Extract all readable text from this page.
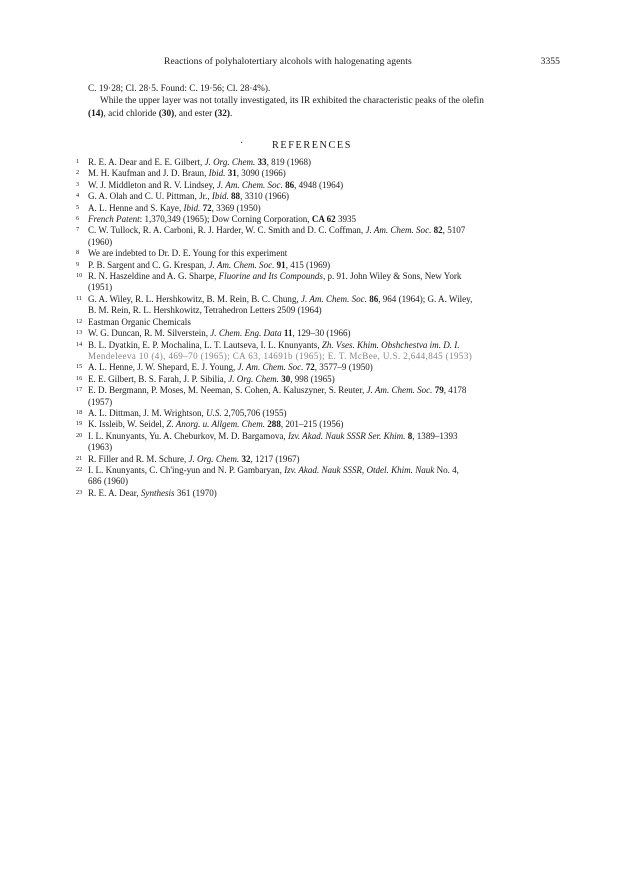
Reactions of polyhalotertiary alcohols with halogenating agents	3355

C. 19·28; Cl. 28·5. Found: C. 19·56; Cl. 28·4%).

While the upper layer was not totally investigated, its IR exhibited the characteristic peaks of the olefin

(14), acid chloride (30), and ester (32).

·	REFERENCES
1 R. E. A. Dear and E. E. Gilbert, J. Org. Chem. 33, 819 (1968)
2 M. H. Kaufman and J. D. Braun, Ibid. 31, 3090 (1966)
3 W. J. Middleton and R. V. Lindsey, J. Am. Chem. Soc. 86, 4948 (1964)
4 G. A. Olah and C. U. Pittman, Jr., Ibid. 88, 3310 (1966)
5 A. L. Henne and S. Kaye, Ibid. 72, 3369 (1950)
6 French Patent: 1,370,349 (1965); Dow Corning Corporation, CA 62 3935
7 C. W. Tullock, R. A. Carboni, R. J. Harder, W. C. Smith and D. C. Coffman, J. Am. Chem. Soc. 82, 5107
(1960)
8 We are indebted to Dr. D. E. Young for this experiment
9 P. B. Sargent and C. G. Krespan, J. Am. Chem. Soc. 91, 415 (1969)
10 R. N. Haszeldine and A. G. Sharpe, Fluorine and Its Compounds, p. 91. John Wiley & Sons, New York
(1951)
11 G. A. Wiley, R. L. Hershkowitz, B. M. Rein, B. C. Chung, J. Am. Chem. Soc. 86, 964 (1964); G. A. Wiley,
B. M. Rein, R. L. Hershkowitz, Tetrahedron Letters 2509 (1964)
12 Eastman Organic Chemicals
13 W. G. Duncan, R. M. Silverstein, J. Chem. Eng. Data 11, 129–30 (1966)
14 B. L. Dyatkin, E. P. Mochalina, L. T. Lautseva, I. L. Knunyants, Zh. Vses. Khim. Obshchestva im. D. I.
Mendeleeva 10 (4), 469–70 (1965); CA 63, 14691b (1965); E. T. McBee, U.S. 2,644,845 (1953)
15 A. L. Henne, J. W. Shepard, E. J. Young, J. Am. Chem. Soc. 72, 3577–9 (1950)
16 E. E. Gilbert, B. S. Farah, J. P. Sibilia, J. Org. Chem. 30, 998 (1965)
17 E. D. Bergmann, P. Moses, M. Neeman, S. Cohen, A. Kaluszyner, S. Reuter, J. Am. Chem. Soc. 79, 4178
(1957)
18 A. L. Dittman, J. M. Wrightson, U.S. 2,705,706 (1955)
19 K. Issleib, W. Seidel, Z. Anorg. u. Allgem. Chem. 288, 201–215 (1956)
20 I. L. Knunyants, Yu. A. Cheburkov, M. D. Bargamova, Izv. Akad. Nauk SSSR Ser. Khim. 8, 1389–1393
(1963)
21 R. Filler and R. M. Schure, J. Org. Chem. 32, 1217 (1967)
22 I. L. Knunyants, C. Ch'ing-yun and N. P. Gambaryan, Izv. Akad. Nauk SSSR, Otdel. Khim. Nauk No. 4,
686 (1960)
23 R. E. A. Dear, Synthesis 361 (1970)
